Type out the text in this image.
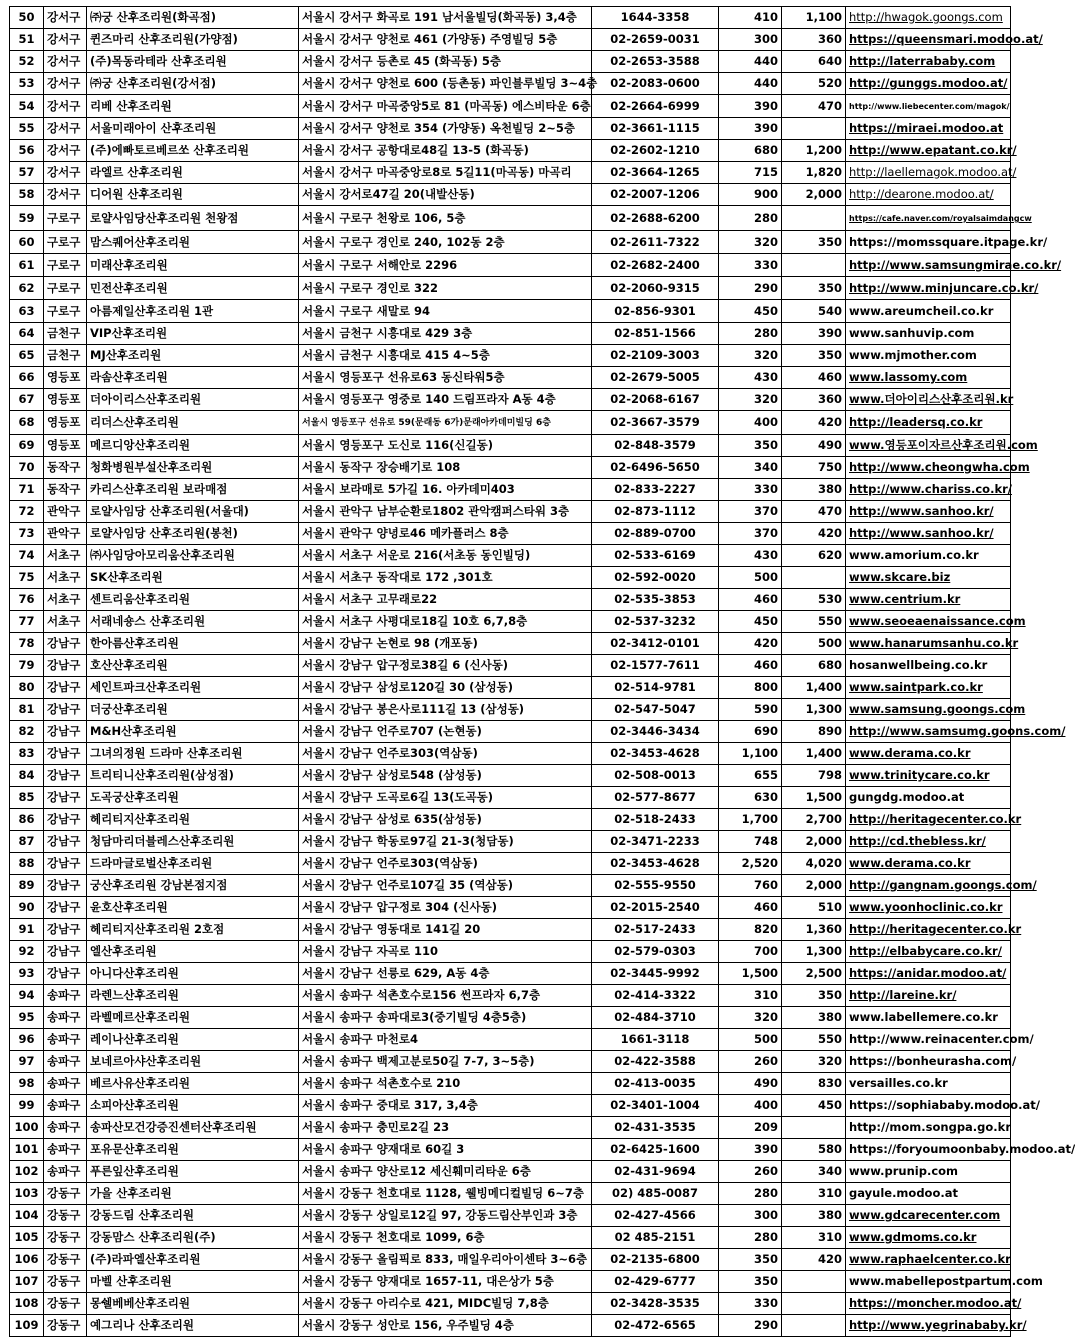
50	강서구	㈜궁 산후조리원(화곡점)	서울시 강서구 화곡로 191 남서울빌딩(화곡동) 3,4층	1644-3358	410	1,100	http://hwagok.goongs.com
51	강서구	퀸즈마리 산후조리원(가양점)	서울시 강서구 양천로 461 (가양동) 주영빌딩 5층	02-2659-0031	300	360	https://queensmari.modoo.at/
52	강서구	(주)목동라테라 산후조리원	서울시 강서구 등촌로 45 (화곡동) 5층	02-2653-3588	440	640	http://laterrababy.com
53	강서구	㈜궁 산후조리원(강서점)	서울시 강서구 양천로 600 (등촌동) 파인블루빌딩 3~4층	02-2083-0600	440	520	http://gunggs.modoo.at/
54	강서구	리베 산후조리원	서울시 강서구 마곡중앙5로 81 (마곡동) 에스비타운 6층	02-2664-6999	390	470	http://www.liebecenter.com/magok/
55	강서구	서울미래아이 산후조리원	서울시 강서구 양천로 354 (가양동) 옥천빌딩 2~5층	02-3661-1115	390		https://miraei.modoo.at
56	강서구	(주)에빠토르베르쏘 산후조리원	서울시 강서구 공항대로48길 13-5 (화곡동)	02-2602-1210	680	1,200	http://www.epatant.co.kr/
57	강서구	라엘르 산후조리원	서울시 강서구 마곡중앙로8로 5길11(마곡동) 마곡리	02-3664-1265	715	1,820	http://laellemagok.modoo.at/
58	강서구	디어원 산후조리원	서울시 강서로47길 20(내발산동)	02-2007-1206	900	2,000	http://dearone.modoo.at/
59	구로구	로얄사임당산후조리원 천왕점	서울시 구로구 천왕로 106, 5층	02-2688-6200	280		https://cafe.naver.com/royalsaimdangcw
60	구로구	맘스퀘어산후조리원	서울시 구로구 경인로 240, 102동 2층	02-2611-7322	320	350	https://momssquare.itpage.kr/
61	구로구	미래산후조리원	서울시 구로구 서해안로 2296	02-2682-2400	330		http://www.samsungmirae.co.kr/
62	구로구	민전산후조리원	서울시 구로구 경인로 322	02-2060-9315	290	350	http://www.minjuncare.co.kr/
63	구로구	아름제일산후조리원 1관	서울시 구로구 새말로 94	02-856-9301	450	540	www.areumcheil.co.kr
64	금천구	VIP산후조리원	서울시 금천구 시흥대로 429 3층	02-851-1566	280	390	www.sanhuvip.com
65	금천구	MJ산후조리원	서울시 금천구 시흥대로 415 4~5층	02-2109-3003	320	350	www.mjmother.com
66	영등포	라솜산후조리원	서울시 영등포구 선유로63 동신타워5층	02-2679-5005	430	460	www.lassomy.com
67	영등포	더아이리스산후조리원	서울시 영등포구 영중로 140 드림프라자 A동 4층	02-2068-6167	320	360	www.더아이리스산후조리원.kr
68	영등포	리더스산후조리원	서울시 영등포구 선유로 59(문래동 6가)문래아카데미빌딩 6층	02-3667-3579	400	420	http://leadersq.co.kr
69	영등포	메르디앙산후조리원	서울시 영등포구 도신로 116(신길동)	02-848-3579	350	490	www.영등포이자르산후조리원.com
70	동작구	청화병원부설산후조리원	서울시 동작구 장승배기로 108	02-6496-5650	340	750	http://www.cheongwha.com
71	동작구	카리스산후조리원 보라매점	서울시 보라매로 5가길 16. 아카데미403	02-833-2227	330	380	http://www.chariss.co.kr/
72	관악구	로얄사임당 산후조리원(서울대)	서울시 관악구 남부순환로1802 관악캠퍼스타워 3층	02-873-1112	370	470	http://www.sanhoo.kr/
73	관악구	로얄사임당 산후조리원(봉천)	서울시 관악구 양녕로46 메카플러스 8층	02-889-0700	370	420	http://www.sanhoo.kr/
74	서초구	㈜사임당아모리움산후조리원	서울시 서초구 서운로 216(서초동 동인빌딩)	02-533-6169	430	620	www.amorium.co.kr
75	서초구	SK산후조리원	서울시 서초구 동작대로 172 ,301호	02-592-0020	500		www.skcare.biz
76	서초구	센트리움산후조리원	서울시 서초구 고무래로22	02-535-3853	460	530	www.centrium.kr
77	서초구	서래네숑스 산후조리원	서울시 서초구 사평대로18길 10호 6,7,8층	02-537-3232	450	550	www.seoeaenaissance.com
78	강남구	한아름산후조리원	서울시 강남구 논현로 98 (개포동)	02-3412-0101	420	500	www.hanarumsanhu.co.kr
79	강남구	호산산후조리원	서울시 강남구 압구정로38길 6 (신사동)	02-1577-7611	460	680	hosanwellbeing.co.kr
80	강남구	세인트파크산후조리원	서울시 강남구 삼성로120길 30 (삼성동)	02-514-9781	800	1,400	www.saintpark.co.kr
81	강남구	더궁산후조리원	서울시 강남구 봉은사로111길 13 (삼성동)	02-547-5047	590	1,300	www.samsung.goongs.com
82	강남구	M&H산후조리원	서울시 강남구 언주로707 (논현동)	02-3446-3434	690	890	http://www.samsumg.goons.com/
83	강남구	그녀의정원 드라마 산후조리원	서울시 강남구 언주로303(역삼동)	02-3453-4628	1,100	1,400	www.derama.co.kr
84	강남구	트리티니산후조리원(삼성점)	서울시 강남구 삼성로548 (삼성동)	02-508-0013	655	798	www.trinitycare.co.kr
85	강남구	도곡궁산후조리원	서울시 강남구 도곡로6길 13(도곡동)	02-577-8677	630	1,500	gungdg.modoo.at
86	강남구	헤리티지산후조리원	서울시 강남구 삼성로 635(삼성동)	02-518-2433	1,700	2,700	http://heritagecenter.co.kr
87	강남구	청담마리더블레스산후조리원	서울시 강남구 학동로97길 21-3(청담동)	02-3471-2233	748	2,000	http://cd.thebless.kr/
88	강남구	드라마글로벌산후조리원	서울시 강남구 언주로303(역삼동)	02-3453-4628	2,520	4,020	www.derama.co.kr
89	강남구	궁산후조리원 강남본점지점	서울시 강남구 언주로107길 35 (역삼동)	02-555-9550	760	2,000	http://gangnam.goongs.com/
90	강남구	윤호산후조리원	서울시 강남구 압구정로 304 (신사동)	02-2015-2540	460	510	www.yoonhoclinic.co.kr
91	강남구	헤리티지산후조리원 2호점	서울시 강남구 영동대로 141길 20	02-517-2433	820	1,360	http://heritagecenter.co.kr
92	강남구	엘산후조리원	서울시 강남구 자곡로 110	02-579-0303	700	1,300	http://elbabycare.co.kr/
93	강남구	아니다산후조리원	서울시 강남구 선릉로 629, A동 4층	02-3445-9992	1,500	2,500	https://anidar.modoo.at/
94	송파구	라렌느산후조리원	서울시 송파구 석촌호수로156 썬프라자 6,7층	02-414-3322	310	350	http://lareine.kr/
95	송파구	라벨메르산후조리원	서울시 송파구 송파대로3(중기빌딩 4층5층)	02-484-3710	320	380	www.labellemere.co.kr
96	송파구	레이나산후조리원	서울시 송파구 마천로4	1661-3118	500	550	http://www.reinacenter.com/
97	송파구	보네르아샤산후조리원	서울시 송파구 백제고분로50길 7-7, 3~5층)	02-422-3588	260	320	https://bonheurasha.com/
98	송파구	베르사유산후조리원	서울시 송파구 석촌호수로 210	02-413-0035	490	830	versailles.co.kr
99	송파구	소피아산후조리원	서울시 송파구 중대로 317, 3,4층	02-3401-1004	400	450	https://sophiababy.modoo.at/
100	송파구	송파산모건강증진센터산후조리원	서울시 송파구 충민로2길 23	02-431-3535	209		http://mom.songpa.go.kr
101	송파구	포유문산후조리원	서울시 송파구 양재대로 60길 3	02-6425-1600	390	580	https://foryoumoonbaby.modoo.at/
102	송파구	푸른잎산후조리원	서울시 송파구 양산로12 세신훼미리타운 6층	02-431-9694	260	340	www.prunip.com
103	강동구	가을 산후조리원	서울시 강동구 천호대로 1128, 웰빙메디컬빌딩 6~7층	02) 485-0087	280	310	gayule.modoo.at
104	강동구	강동드림 산후조리원	서울시 강동구 상일로12길 97, 강동드림산부인과 3층	02-427-4566	300	380	www.gdcarecenter.com
105	강동구	강동맘스 산후조리원(주)	서울시 강동구 천호대로 1099, 6층	02 485-2151	280	310	www.gdmoms.co.kr
106	강동구	(주)라파엘산후조리원	서울시 강동구 올림픽로 833, 매일우리아이센타 3~6층	02-2135-6800	350	420	www.raphaelcenter.co.kr
107	강동구	마벨 산후조리원	서울시 강동구 양재대로 1657-11, 대은상가 5층	02-429-6777	350		www.mabellepostpartum.com
108	강동구	몽쉘베베산후조리원	서울시 강동구 아리수로 421, MIDC빌딩 7,8층	02-3428-3535	330		https://moncher.modoo.at/
109	강동구	예그리나 산후조리원	서울시 강동구 성안로 156, 우주빌딩 4층	02-472-6565	290		http://www.yegrinababy.kr/
